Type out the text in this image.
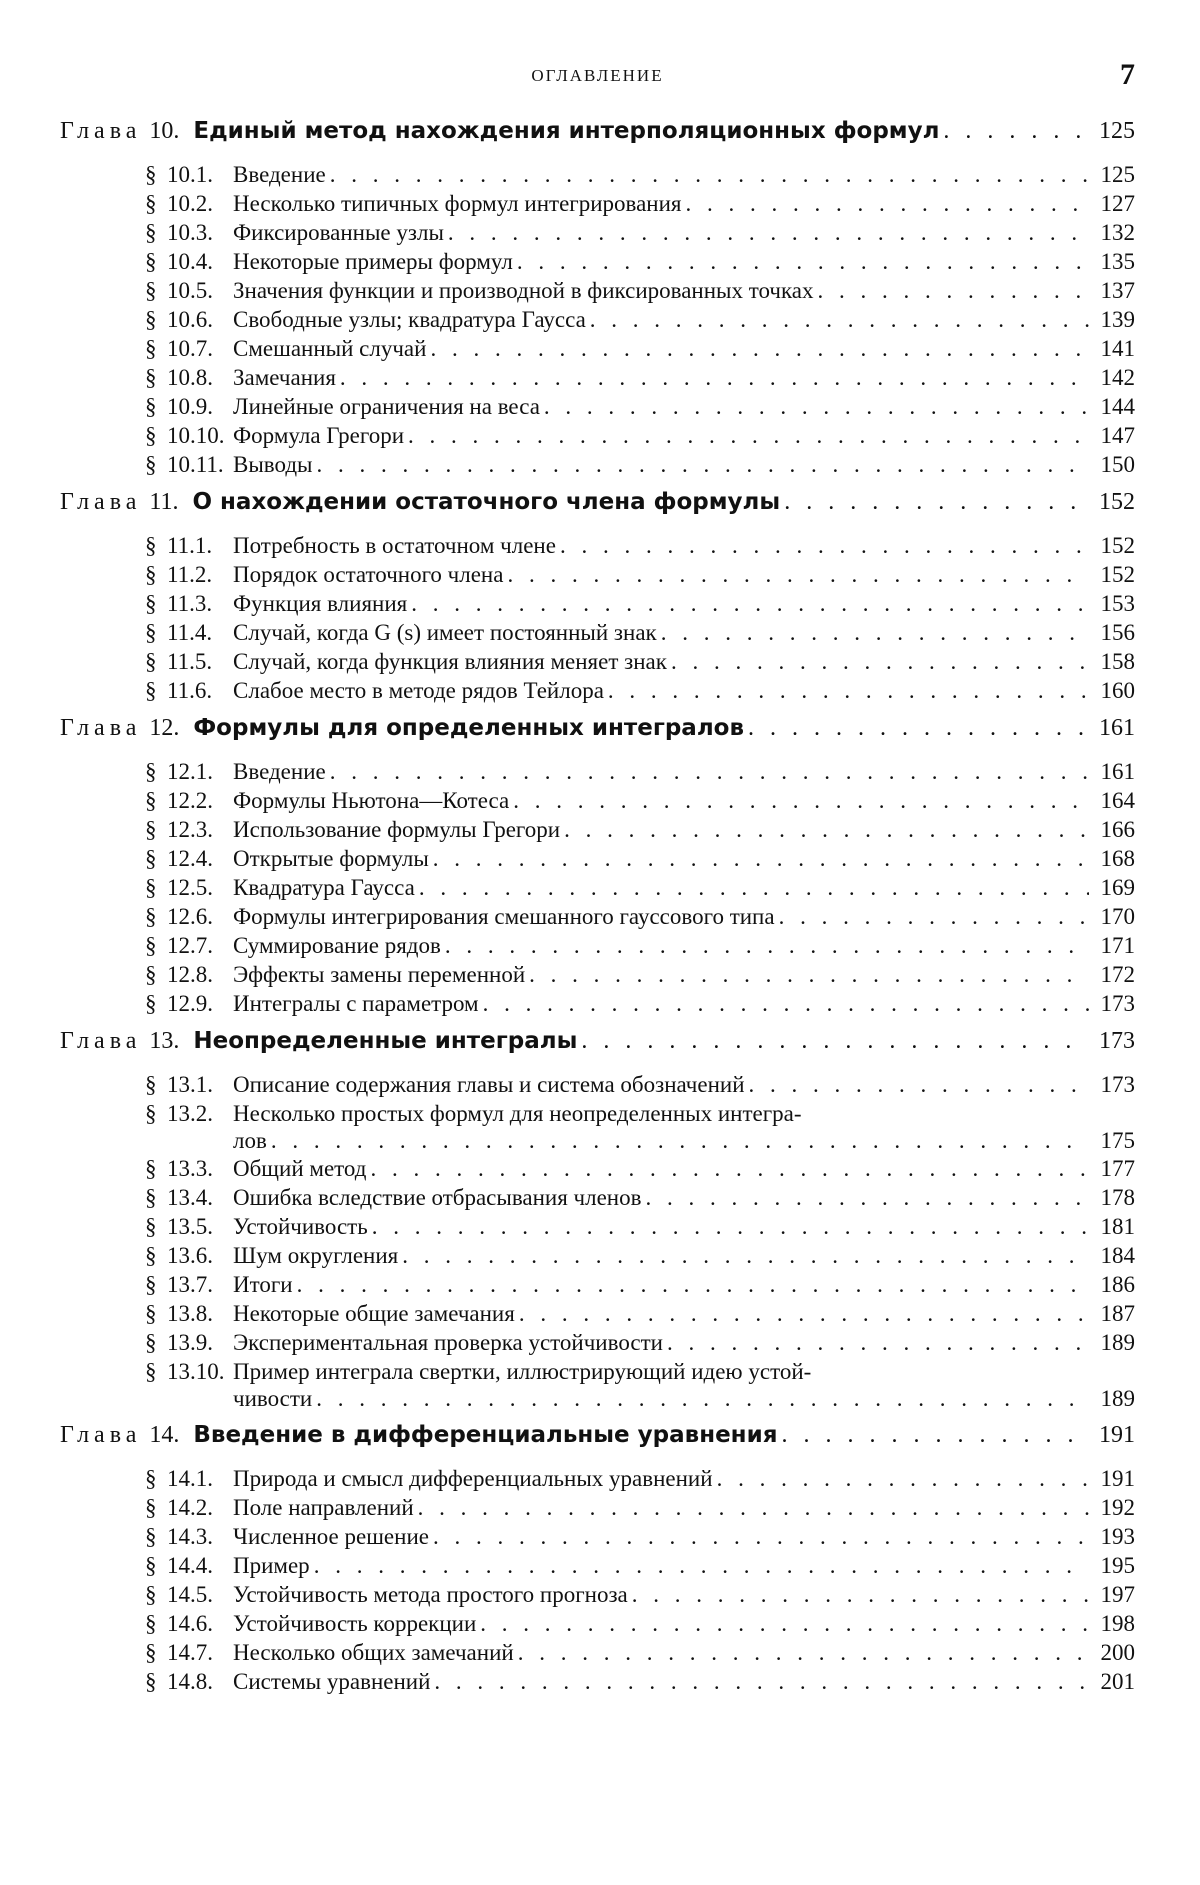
ОГЛАВЛЕНИЕ	7
Глава 10. Единый метод нахождения интерполяционных формул
. . .	125
§ 10.1. Введение
. . .	125
§ 10.2. Несколько типичных формул интегрирования
. . .	127
§ 10.3. Фиксированные узлы
. . .	132
§ 10.4. Некоторые примеры формул
. . .	135
§ 10.5. Значения функции и производной в фиксированных точках
. . .	137
§ 10.6. Свободные узлы; квадратура Гаусса
. . .	139
§ 10.7. Смешанный случай
. . .	141
§ 10.8. Замечания
. . .	142
§ 10.9. Линейные ограничения на веса
. . .	144
§ 10.10. Формула Грегори
. . .	147
§ 10.11. Выводы
. . .	150
Глава 11. О нахождении остаточного члена формулы
. . .	152
§ 11.1. Потребность в остаточном члене
. . .	152
§ 11.2. Порядок остаточного члена
. . .	152
§ 11.3. Функция влияния
. . .	153
§ 11.4. Случай, когда G (s) имеет постоянный знак
. . .	156
§ 11.5. Случай, когда функция влияния меняет знак
. . .	158
§ 11.6. Слабое место в методе рядов Тейлора
. . .	160
Глава 12. Формулы для определенных интегралов
. . .	161
§ 12.1. Введение
. . .	161
§ 12.2. Формулы Ньютона—Котеса
. . .	164
§ 12.3. Использование формулы Грегори
. . .	166
§ 12.4. Открытые формулы
. . .	168
§ 12.5. Квадратура Гаусса
. . .	169
§ 12.6. Формулы интегрирования смешанного гауссового типа
. . .	170
§ 12.7. Суммирование рядов
. . .	171
§ 12.8. Эффекты замены переменной
. . .	172
§ 12.9. Интегралы с параметром
. . .	173
Глава 13. Неопределенные интегралы
. . .	173
§ 13.1. Описание содержания главы и система обозначений
. . .	173
§ 13.2. Несколько простых формул для неопределенных интегра-
лов
. . .	175
§ 13.3. Общий метод
. . .	177
§ 13.4. Ошибка вследствие отбрасывания членов
. . .	178
§ 13.5. Устойчивость
. . .	181
§ 13.6. Шум округления
. . .	184
§ 13.7. Итоги
. . .	186
§ 13.8. Некоторые общие замечания
. . .	187
§ 13.9. Экспериментальная проверка устойчивости
. . .	189
§ 13.10. Пример интеграла свертки, иллюстрирующий идею устой-
чивости
. . .	189
Глава 14. Введение в дифференциальные уравнения
. . .	191
§ 14.1. Природа и смысл дифференциальных уравнений
. . .	191
§ 14.2. Поле направлений
. . .	192
§ 14.3. Численное решение
. . .	193
§ 14.4. Пример
. . .	195
§ 14.5. Устойчивость метода простого прогноза
. . .	197
§ 14.6. Устойчивость коррекции
. . .	198
§ 14.7. Несколько общих замечаний
. . .	200
§ 14.8. Системы уравнений
. . .	201
